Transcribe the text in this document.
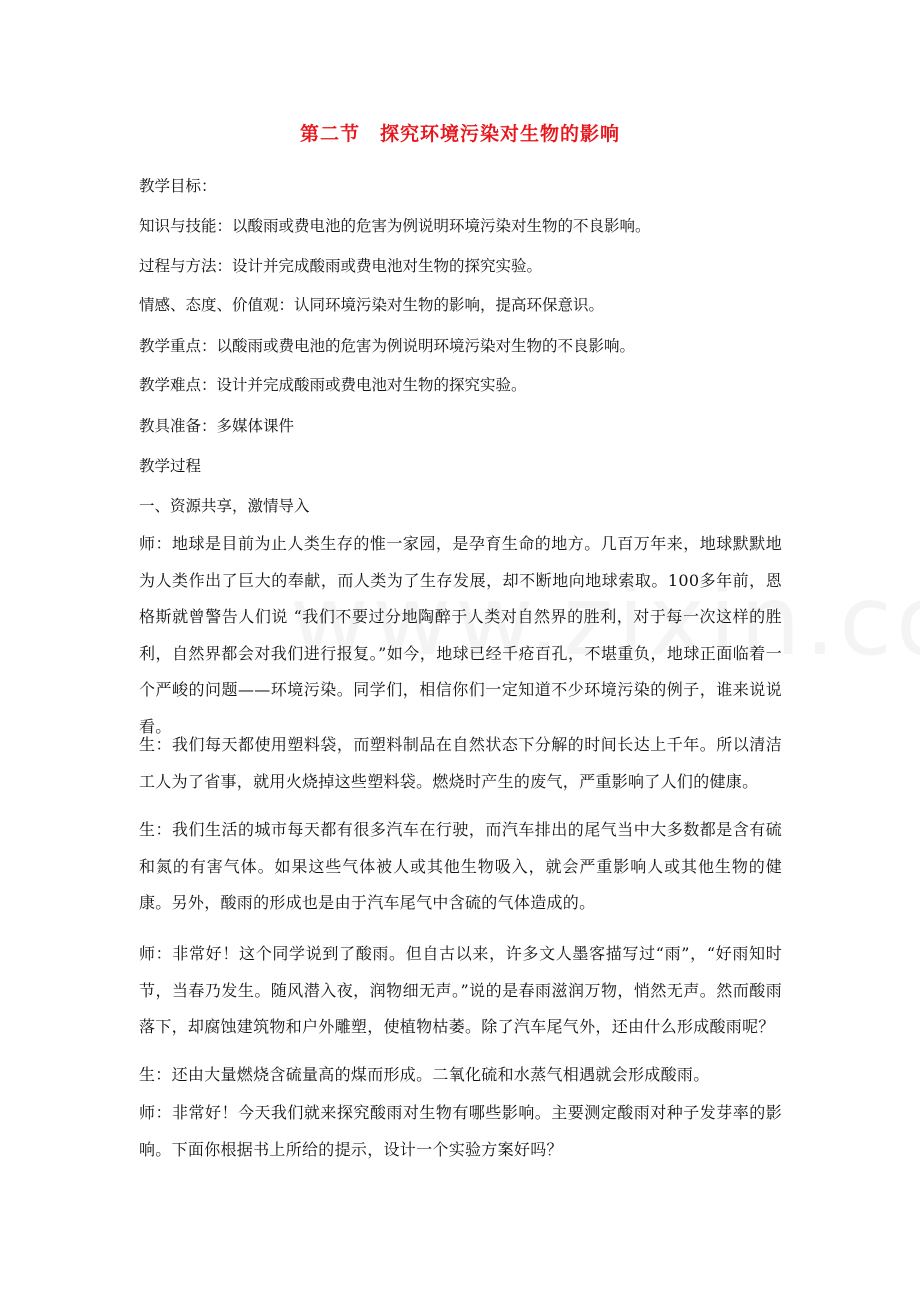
第二节　探究环境污染对生物的影响
教学目标：
知识与技能：以酸雨或费电池的危害为例说明环境污染对生物的不良影响。
过程与方法：设计并完成酸雨或费电池对生物的探究实验。
情感、态度、价值观：认同环境污染对生物的影响，提高环保意识。
教学重点：以酸雨或费电池的危害为例说明环境污染对生物的不良影响。
教学难点：设计并完成酸雨或费电池对生物的探究实验。
教具准备：多媒体课件
教学过程
一、资源共享，激情导入
师：地球是目前为止人类生存的惟一家园，是孕育生命的地方。几百万年来，地球默默地为人类作出了巨大的奉献，而人类为了生存发展，却不断地向地球索取。100多年前，恩格斯就曾警告人们说 “我们不要过分地陶醉于人类对自然界的胜利，对于每一次这样的胜利，自然界都会对我们进行报复。”如今，地球已经千疮百孔，不堪重负，地球正面临着一个严峻的问题——环境污染。同学们，相信你们一定知道不少环境污染的例子，谁来说说看。
生：我们每天都使用塑料袋，而塑料制品在自然状态下分解的时间长达上千年。所以清洁工人为了省事，就用火烧掉这些塑料袋。燃烧时产生的废气，严重影响了人们的健康。
生：我们生活的城市每天都有很多汽车在行驶，而汽车排出的尾气当中大多数都是含有硫和氮的有害气体。如果这些气体被人或其他生物吸入，就会严重影响人或其他生物的健康。另外，酸雨的形成也是由于汽车尾气中含硫的气体造成的。
师：非常好！这个同学说到了酸雨。但自古以来，许多文人墨客描写过“雨”，“好雨知时节，当春乃发生。随风潜入夜，润物细无声。”说的是春雨滋润万物，悄然无声。然而酸雨落下，却腐蚀建筑物和户外雕塑，使植物枯萎。除了汽车尾气外，还由什么形成酸雨呢？
生：还由大量燃烧含硫量高的煤而形成。二氧化硫和水蒸气相遇就会形成酸雨。
师：非常好！今天我们就来探究酸雨对生物有哪些影响。主要测定酸雨对种子发芽率的影响。下面你根据书上所给的提示，设计一个实验方案好吗？
